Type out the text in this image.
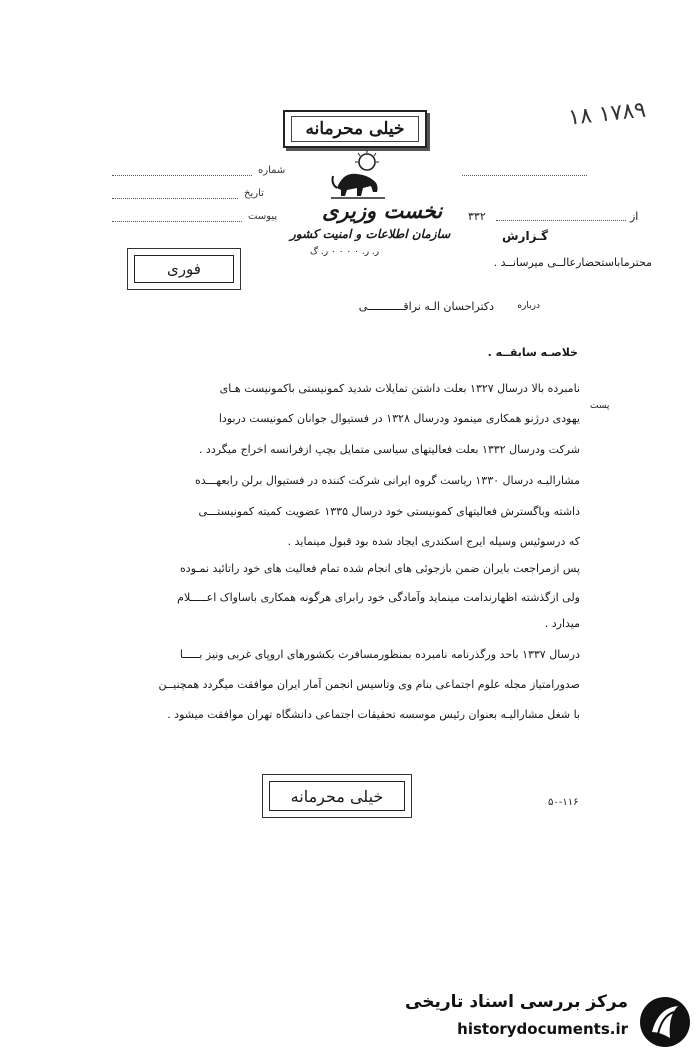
۱۸ ۱۷۸۹
خیلی محرمانه
شماره
تاریخ
پیوست نخست وزیری
سازمان اطلاعات و امنیت کشور
ر. ر. ۰ ۰ ۰ ۰ ر. گ
۳۳۲	از
گـزارش
محترماباستحضارعالــی میرسانــد .
فوری
دکتراحسان الـه نراقـــــــــــی	درباره
خلاصـه سابقــه .
نامبرده بالا درسال ۱۳۲۷ بعلت داشتن تمایلات شدید کمونیستی باکمونیست هـای
پست
یهودی درژنو همکاری مینمود ودرسال ۱۳۲۸ در فستیوال جوانان کمونیست دربودا
شرکت ودرسال ۱۳۳۲ بعلت فعالیتهای سیاسی متمایل بچپ ازفرانسه اخراج میگردد .
مشارالیـه درسال ۱۳۳۰ ریاست گروه ایرانی شرکت کننده در فستیوال برلن رابعهـــده
داشته وباگسترش فعالیتهای کمونیستی خود درسال ۱۳۳۵ عضویت کمیته کمونیستـــی
که درسوئیس وسیله ایرج اسکندری ایجاد شده بود قبول مینماید .
پس ازمراجعت بایران ضمن بازجوئی های انجام شده تمام فعالیت های خود راتائید نمـوده
ولی ازگذشته اظهارندامت مینماید وآمادگی خود رابرای هرگونه همکاری باساواک اعـــــلام
میدارد .
درسال ۱۳۳۷ باحد ورگذرنامه نامبرده بمنظورمسافرت بکشورهای اروپای غربی ونیز بـــــا
صدورامتیاز مجله علوم اجتماعی بنام وی وتاسیس انجمن آمار ایران موافقت میگردد همچنیــن
با شغل مشارالیـه بعنوان رئیس موسسه تحقیقات اجتماعی دانشگاه تهران موافقت میشود .
خیلی محرمانه	۵۰-۱۱۶
مرکز بررسی اسناد تاریخی
historydocuments.ir
